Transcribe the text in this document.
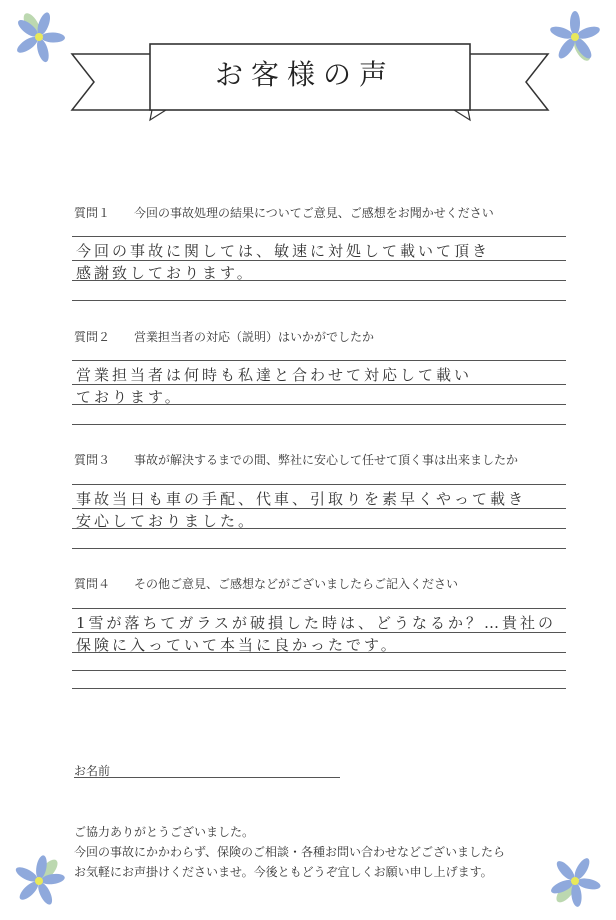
お客様の声
質問１ 今回の事故処理の結果についてご意見、ご感想をお聞かせください
今回の事故に関しては、敏速に対処して載いて頂き
感謝致しております。
質問２ 営業担当者の対応（説明）はいかがでしたか
営業担当者は何時も私達と合わせて対応して載い
ております。
質問３ 事故が解決するまでの間、弊社に安心して任せて頂く事は出来ましたか
事故当日も車の手配、代車、引取りを素早くやって載き
安心しておりました。
質問４ その他ご意見、ご感想などがございましたらご記入ください
1雪が落ちてガラスが破損した時は、どうなるか？…貴社の
保険に入っていて本当に良かったです。
お名前
ご協力ありがとうございました。
今回の事故にかかわらず、保険のご相談・各種お問い合わせなどございましたら
お気軽にお声掛けくださいませ。今後ともどうぞ宜しくお願い申し上げます。
